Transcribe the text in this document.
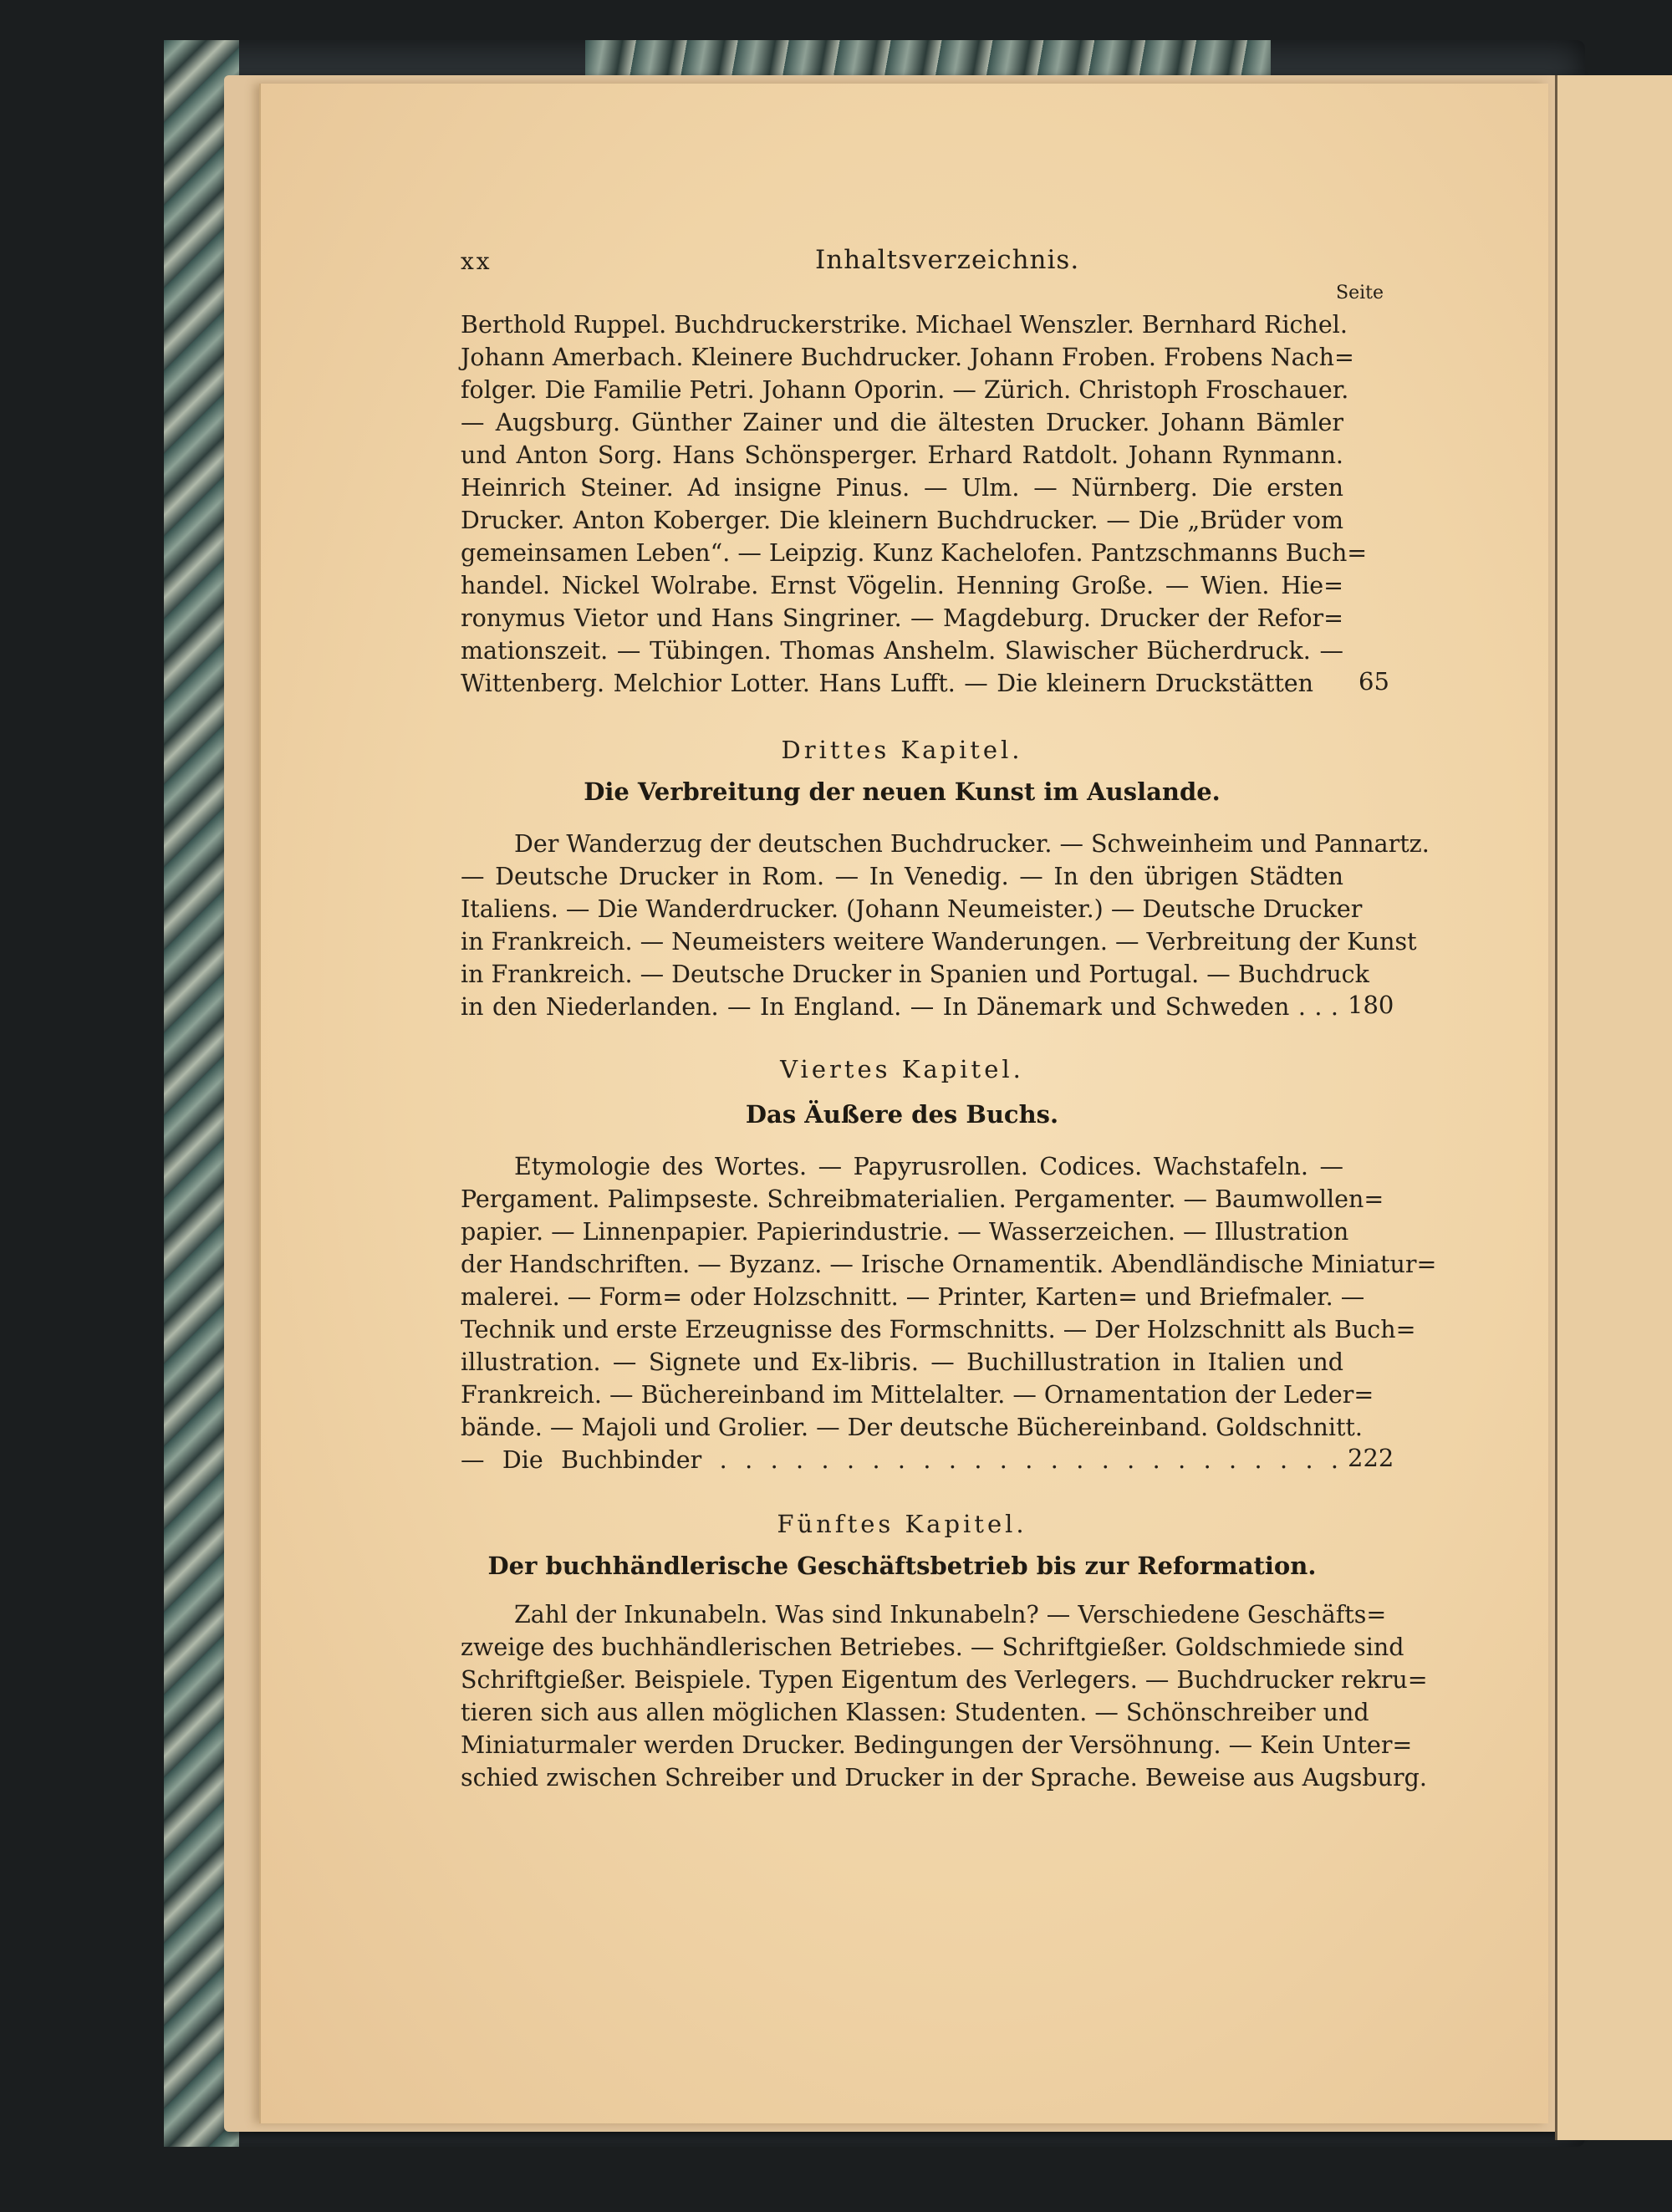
xx	Inhaltsverzeichnis.
Seite
Berthold Ruppel. Buchdruckerstrike. Michael Wenszler. Bernhard Richel.
Johann Amerbach. Kleinere Buchdrucker. Johann Froben. Frobens Nach=
folger. Die Familie Petri. Johann Oporin. — Zürich. Christoph Froschauer.
— Augsburg. Günther Zainer und die ältesten Drucker. Johann Bämler
und Anton Sorg. Hans Schönsperger. Erhard Ratdolt. Johann Rynmann.
Heinrich Steiner. Ad insigne Pinus. — Ulm. — Nürnberg. Die ersten
Drucker. Anton Koberger. Die kleinern Buchdrucker. — Die „Brüder vom
gemeinsamen Leben“. — Leipzig. Kunz Kachelofen. Pantzschmanns Buch=
handel. Nickel Wolrabe. Ernst Vögelin. Henning Große. — Wien. Hie=
ronymus Vietor und Hans Singriner. — Magdeburg. Drucker der Refor=
mationszeit. — Tübingen. Thomas Anshelm. Slawischer Bücherdruck. —
Wittenberg. Melchior Lotter. Hans Lufft. — Die kleinern Druckstätten 65
Drittes Kapitel.
Die Verbreitung der neuen Kunst im Auslande.
Der Wanderzug der deutschen Buchdrucker. — Schweinheim und Pannartz.
— Deutsche Drucker in Rom. — In Venedig. — In den übrigen Städten
Italiens. — Die Wanderdrucker. (Johann Neumeister.) — Deutsche Drucker
in Frankreich. — Neumeisters weitere Wanderungen. — Verbreitung der Kunst
in Frankreich. — Deutsche Drucker in Spanien und Portugal. — Buchdruck
in den Niederlanden. — In England. — In Dänemark und Schweden . . . 180
Viertes Kapitel.
Das Äußere des Buchs.
Etymologie des Wortes. — Papyrusrollen. Codices. Wachstafeln. —
Pergament. Palimpseste. Schreibmaterialien. Pergamenter. — Baumwollen=
papier. — Linnenpapier. Papierindustrie. — Wasserzeichen. — Illustration
der Handschriften. — Byzanz. — Irische Ornamentik. Abendländische Miniatur=
malerei. — Form= oder Holzschnitt. — Printer, Karten= und Briefmaler. —
Technik und erste Erzeugnisse des Formschnitts. — Der Holzschnitt als Buch=
illustration. — Signete und Ex-libris. — Buchillustration in Italien und
Frankreich. — Büchereinband im Mittelalter. — Ornamentation der Leder=
bände. — Majoli und Grolier. — Der deutsche Büchereinband. Goldschnitt.
— Die Buchbinder . . . . . . . . . . . . . . . . . . . . . . . . . 222
Fünftes Kapitel.
Der buchhändlerische Geschäftsbetrieb bis zur Reformation.
Zahl der Inkunabeln. Was sind Inkunabeln? — Verschiedene Geschäfts=
zweige des buchhändlerischen Betriebes. — Schriftgießer. Goldschmiede sind
Schriftgießer. Beispiele. Typen Eigentum des Verlegers. — Buchdrucker rekru=
tieren sich aus allen möglichen Klassen: Studenten. — Schönschreiber und
Miniaturmaler werden Drucker. Bedingungen der Versöhnung. — Kein Unter=
schied zwischen Schreiber und Drucker in der Sprache. Beweise aus Augsburg.
